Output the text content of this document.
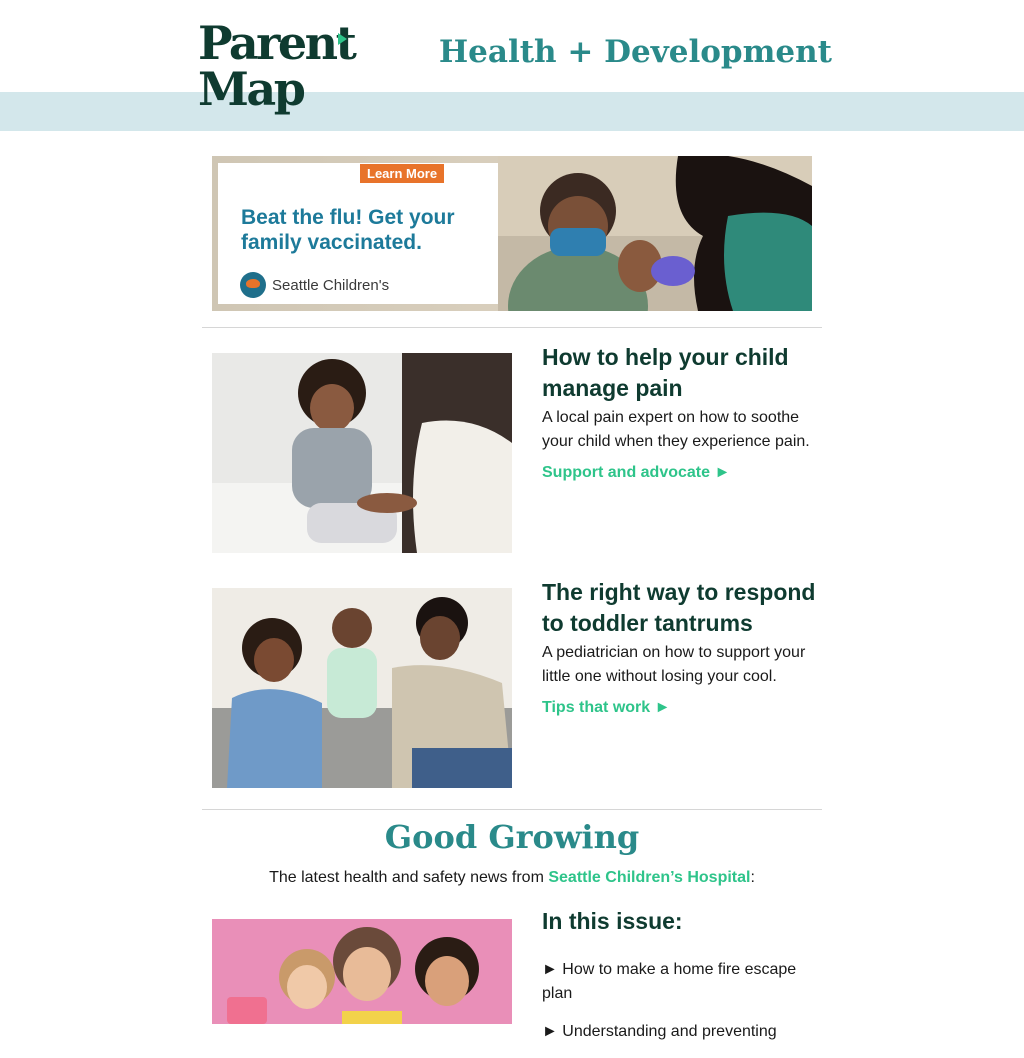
Parent
Map
Health + Development
Learn More
Beat the flu! Get your family vaccinated.
Seattle Children's
How to help your child manage pain
A local pain expert on how to soothe your child when they experience pain.
Support and advocate ►
The right way to respond to toddler tantrums
A pediatrician on how to support your little one without losing your cool.
Tips that work ►
Good Growing
The latest health and safety news from Seattle Children’s Hospital:
In this issue:
► How to make a home fire escape plan
► Understanding and preventing
